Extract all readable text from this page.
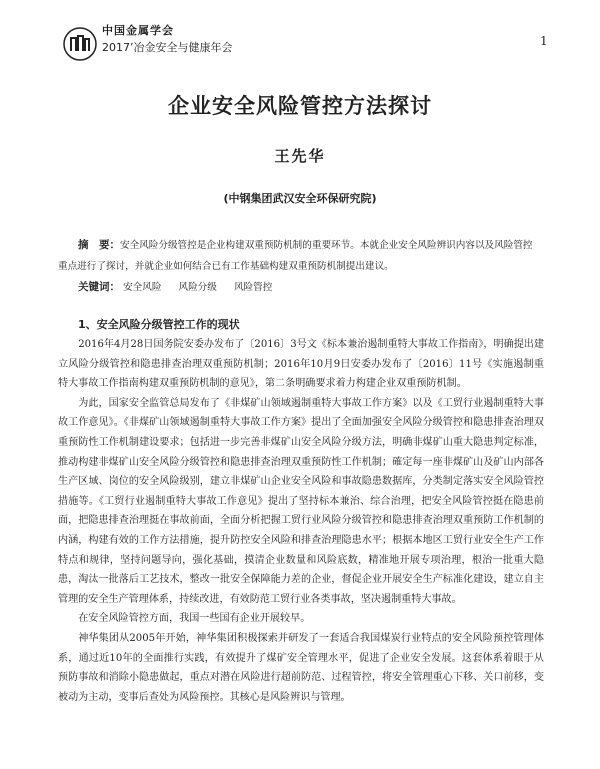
中国金属学会
2017’冶金安全与健康年会	1
企业安全风险管控方法探讨
王先华
(中钢集团武汉安全环保研究院)
摘　要：安全风险分级管控是企业构建双重预防机制的重要环节。本就企业安全风险辨识内容以及风险管控重点进行了探讨，并就企业如何结合已有工作基础构建双重预防机制提出建议。
关键词： 安全风险 风险分级 风险管控
1、安全风险分级管控工作的现状

2016年4月28日国务院安委办发布了〔2016〕3号文《标本兼治遏制重特大事故工作指南》，明确提出建立风险分级管控和隐患排查治理双重预防机制；2016年10月9日安委办发布了〔2016〕11号《实施遏制重特大事故工作指南构建双重预防机制的意见》，第二条明确要求着力构建企业双重预防机制。

为此，国家安全监管总局发布了《非煤矿山领域遏制重特大事故工作方案》以及《工贸行业遏制重特大事故工作意见》。《非煤矿山领域遏制重特大事故工作方案》提出了全面加强安全风险分级管控和隐患排查治理双重预防性工作机制建设要求；包括进一步完善非煤矿山安全风险分级方法，明确非煤矿山重大隐患判定标准，推动构建非煤矿山安全风险分级管控和隐患排查治理双重预防性工作机制；確定每一座非煤矿山及矿山内部各生产区域、岗位的安全风险级别，建立非煤矿山企业安全风险和事故隐患数据库，分类制定落实安全风险管控措施等。《工贸行业遏制重特大事故工作意见》提出了坚持标本兼治、综合治理，把安全风险管控挺在隐患前面，把隐患排查治理挺在事故前面，全面分析把握工贸行业风险分级管控和隐患排查治理双重预防工作机制的内涵，构建有效的工作方法措施，提升防控安全风险和排查治理隐患水平；根据本地区工贸行业安全生产工作特点和规律，坚持问题导向，强化基础，摸清企业数量和风险底数，精准地开展专项治理，根治一批重大隐患，淘汰一批落后工艺技术，整改一批安全保障能力差的企业，督促企业开展安全生产标准化建设，建立自主管理的安全生产管理体系，持续改进，有效防范工贸行业各类事故，坚决遏制重特大事故。

在安全风险管控方面，我国一些国有企业开展较早。

神华集团从2005年开始，神华集团积极探索并研发了一套适合我国煤炭行业特点的安全风险预控管理体系，通过近10年的全面推行实践，有效提升了煤矿安全管理水平，促进了企业安全发展。这套体系着眼于从预防事故和消除小隐患做起，重点对潜在风险进行超前防范、过程管控，将安全管理重心下移、关口前移，变被动为主动，变事后查处为风险预控。其核心是风险辨识与管理。
